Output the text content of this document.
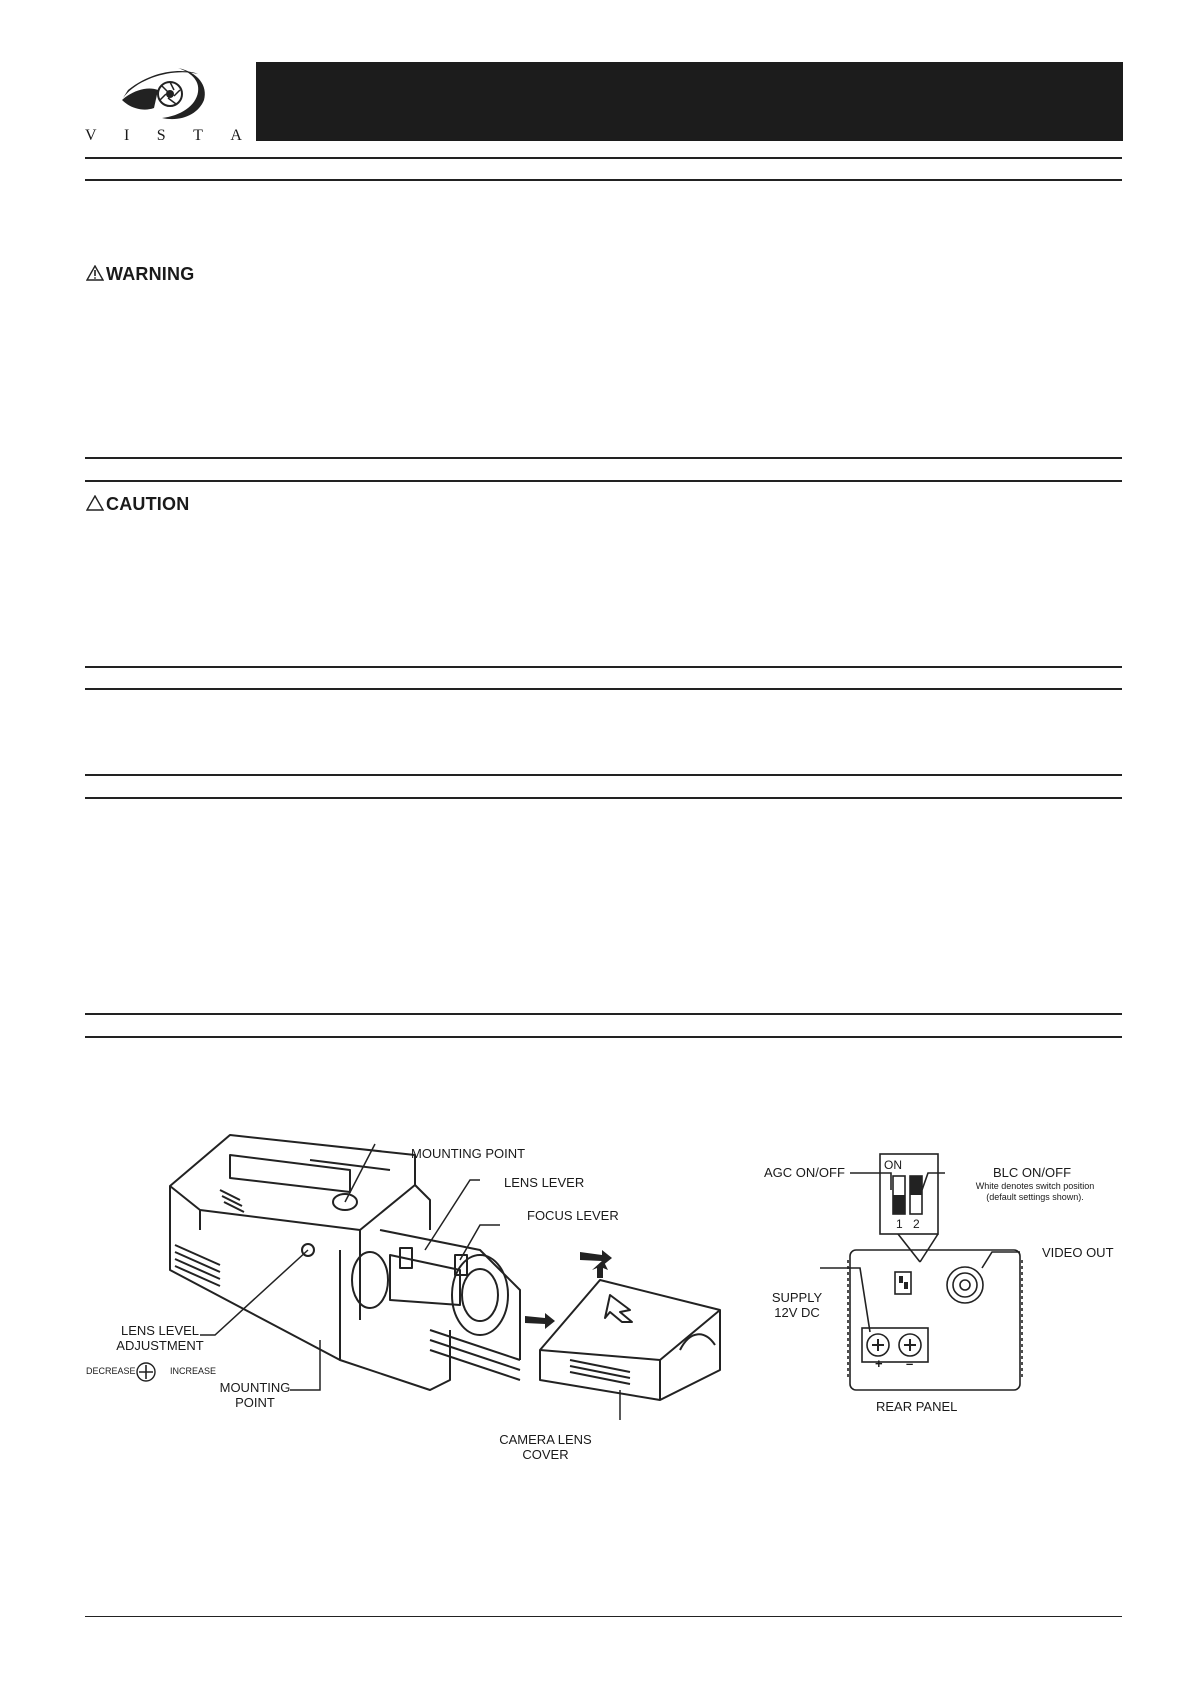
V I S T A
WARNING
CAUTION
MOUNTING POINT
LENS LEVER
FOCUS LEVER
LENS LEVEL
ADJUSTMENT
DECREASE	INCREASE
MOUNTING
POINT
CAMERA LENS
COVER
ON
1 2
AGC ON/OFF	BLC ON/OFF
White denotes switch position
(default settings shown).
VIDEO OUT
SUPPLY
12V DC
+ –
REAR PANEL
